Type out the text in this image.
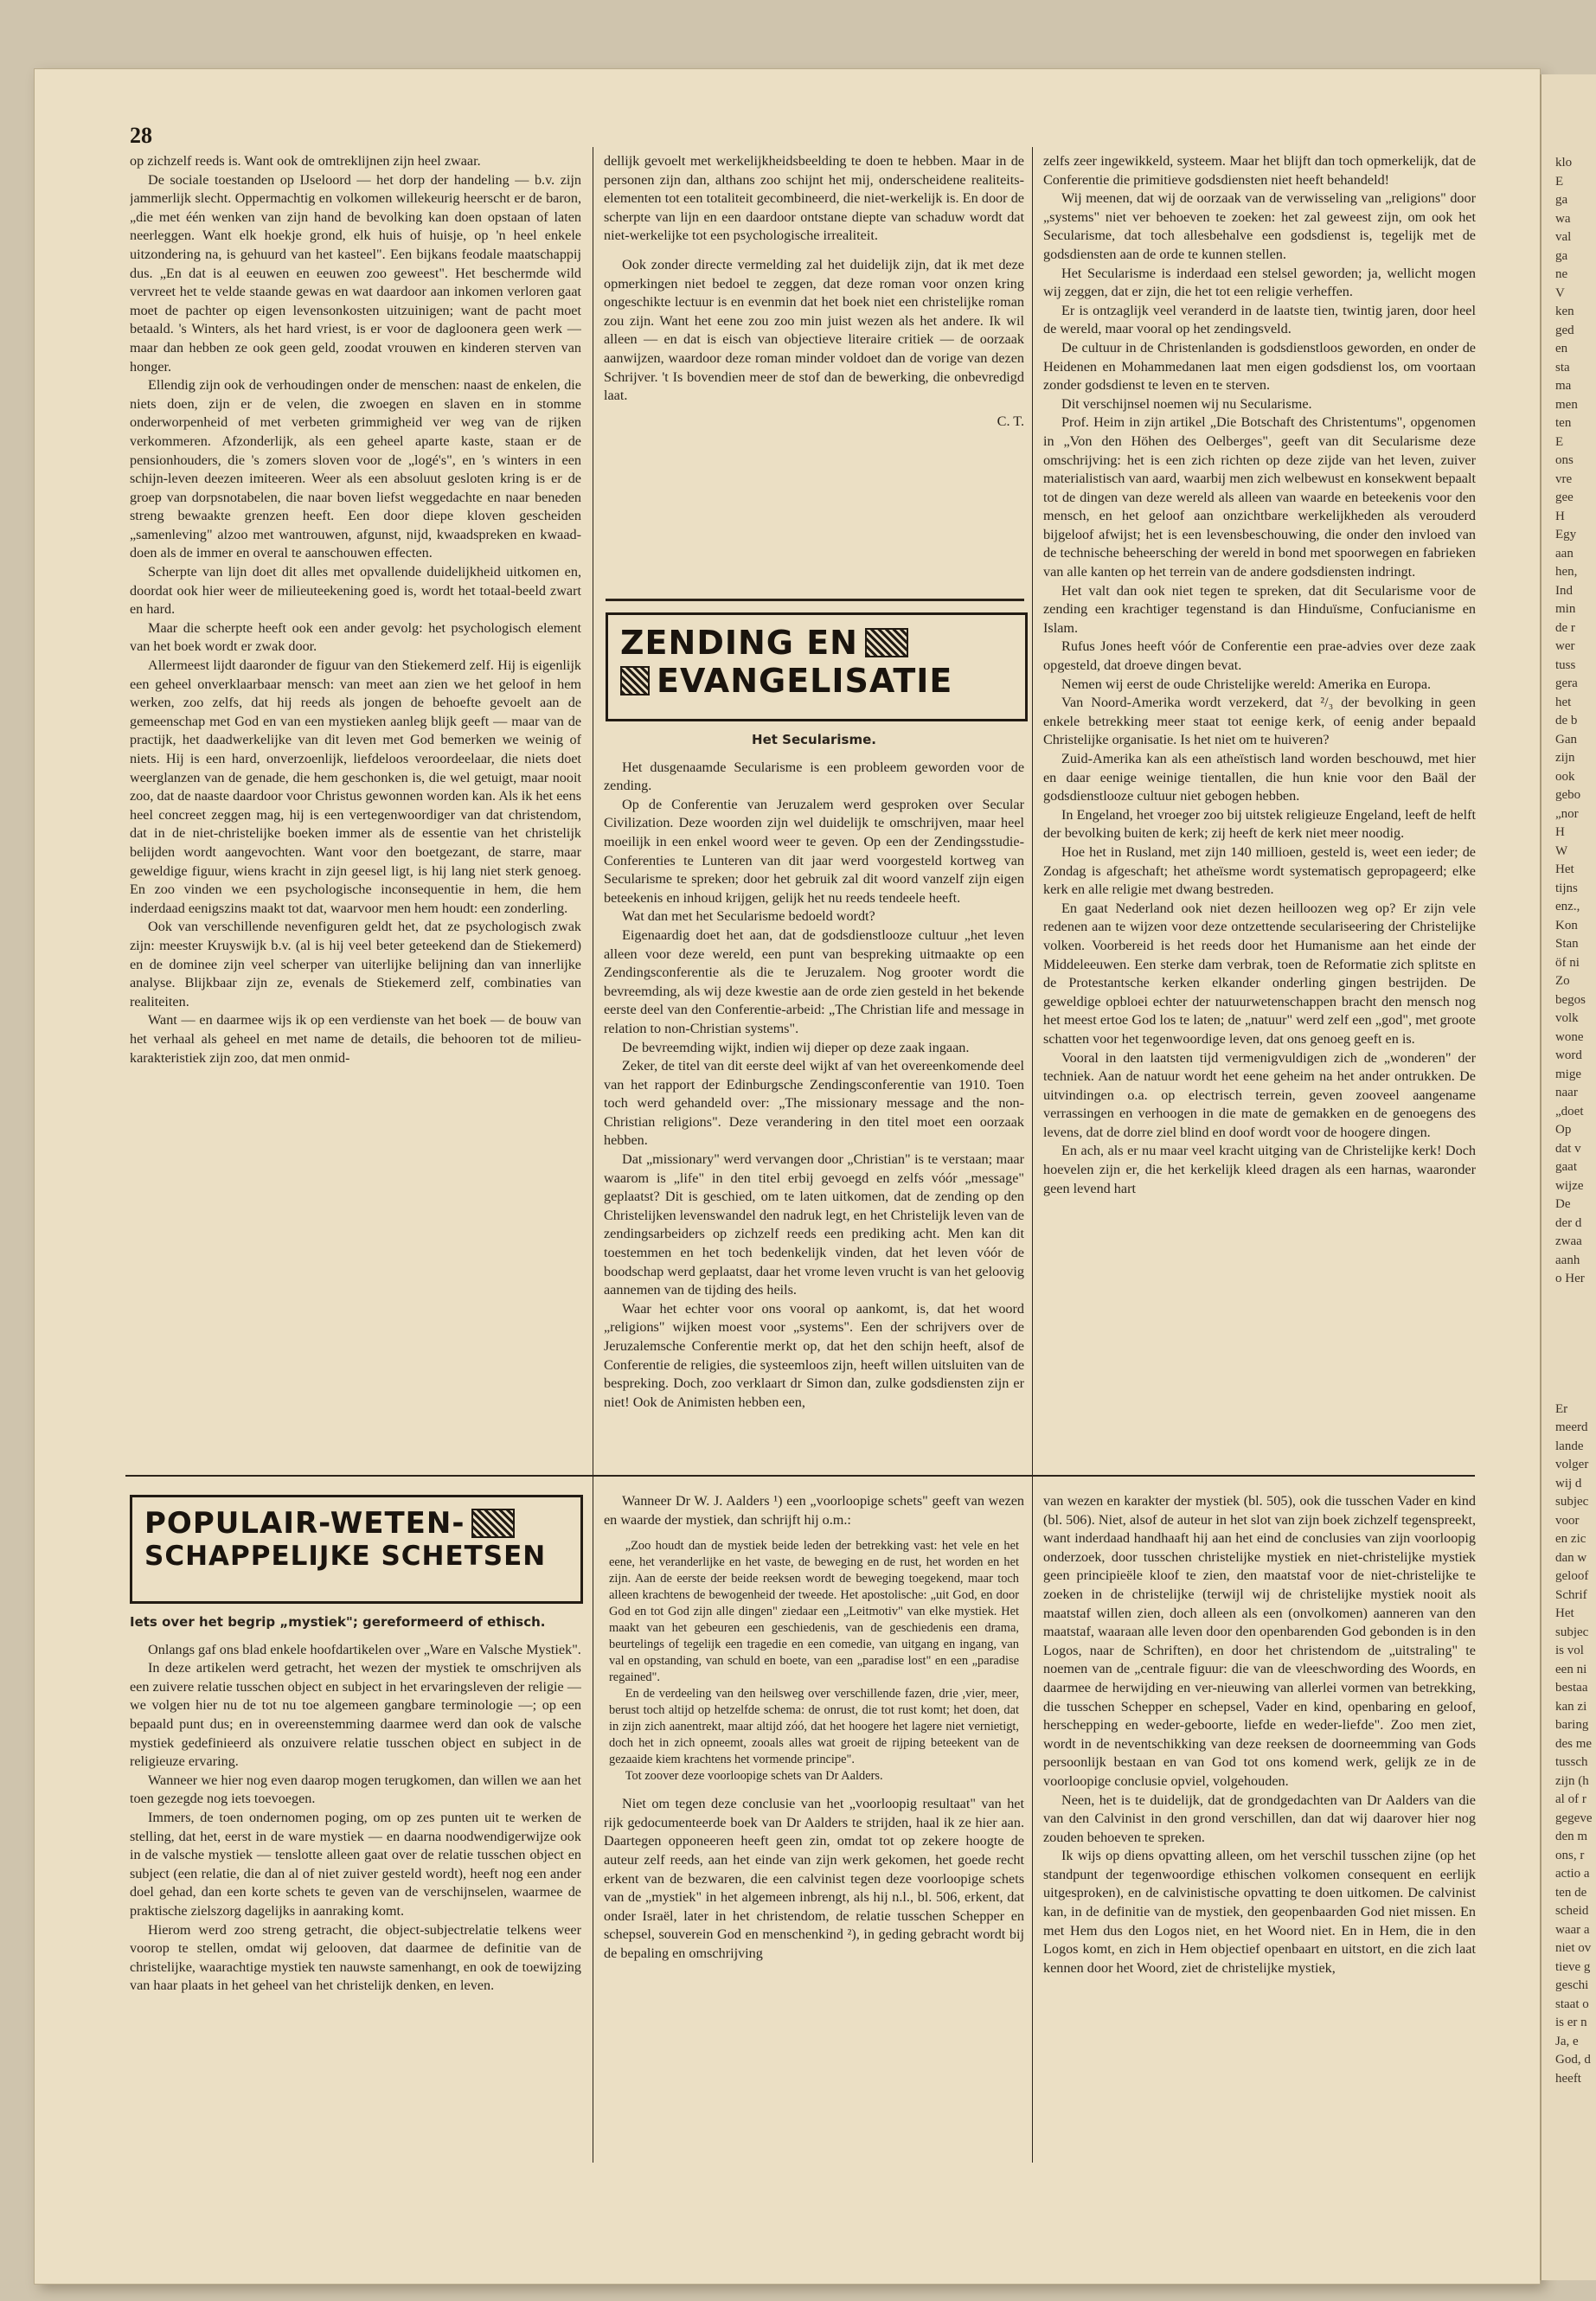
28

op zichzelf reeds is. Want ook de omtreklijnen zijn heel zwaar.

De sociale toestanden op IJseloord — het dorp der handeling — b.v. zijn jammerlijk slecht. Oppermachtig en volkomen willekeurig heerscht er de baron, „die met één wenken van zijn hand de bevolking kan doen opstaan of laten neerleggen. Want elk hoekje grond, elk huis of huisje, op 'n heel enkele uitzondering na, is gehuurd van het kasteel". Een bijkans feodale maatschappij dus. „En dat is al eeuwen en eeuwen zoo geweest". Het beschermde wild vervreet het te velde staande gewas en wat daardoor aan inkomen verloren gaat moet de pachter op eigen levensonkosten uitzuinigen; want de pacht moet betaald. 's Winters, als het hard vriest, is er voor de dagloonera geen werk — maar dan hebben ze ook geen geld, zoodat vrouwen en kinderen sterven van honger.

Ellendig zijn ook de verhoudingen onder de menschen: naast de enkelen, die niets doen, zijn er de velen, die zwoegen en slaven en in stomme onderworpenheid of met verbeten grimmigheid ver weg van de rijken verkommeren. Afzonderlijk, als een geheel aparte kaste, staan er de pensionhouders, die 's zomers sloven voor de „logé's", en 's winters in een schijn-leven deezen imiteeren. Weer als een absoluut gesloten kring is er de groep van dorpsnotabelen, die naar boven liefst weggedachte en naar beneden streng bewaakte grenzen heeft. Een door diepe kloven gescheiden „samenleving" alzoo met wantrouwen, afgunst, nijd, kwaadspreken en kwaad-doen als de immer en overal te aanschouwen effecten.

Scherpte van lijn doet dit alles met opvallende duidelijkheid uitkomen en, doordat ook hier weer de milieuteekening goed is, wordt het totaal-beeld zwart en hard.

Maar die scherpte heeft ook een ander gevolg: het psychologisch element van het boek wordt er zwak door.

Allermeest lijdt daaronder de figuur van den Stiekemerd zelf. Hij is eigenlijk een geheel onverklaarbaar mensch: van meet aan zien we het geloof in hem werken, zoo zelfs, dat hij reeds als jongen de behoefte gevoelt aan de gemeenschap met God en van een mystieken aanleg blijk geeft — maar van de practijk, het daadwerkelijke van dit leven met God bemerken we weinig of niets. Hij is een hard, onverzoenlijk, liefdeloos veroordeelaar, die niets doet weerglanzen van de genade, die hem geschonken is, die wel getuigt, maar nooit zoo, dat de naaste daardoor voor Christus gewonnen worden kan. Als ik het eens heel concreet zeggen mag, hij is een vertegenwoordiger van dat christendom, dat in de niet-christelijke boeken immer als de essentie van het christelijk belijden wordt aangevochten. Want voor den boetgezant, de starre, maar geweldige figuur, wiens kracht in zijn geesel ligt, is hij lang niet sterk genoeg. En zoo vinden we een psychologische inconsequentie in hem, die hem inderdaad eenigszins maakt tot dat, waarvoor men hem houdt: een zonderling.

Ook van verschillende nevenfiguren geldt het, dat ze psychologisch zwak zijn: meester Kruyswijk b.v. (al is hij veel beter geteekend dan de Stiekemerd) en de dominee zijn veel scherper van uiterlijke belijning dan van innerlijke analyse. Blijkbaar zijn ze, evenals de Stiekemerd zelf, combinaties van realiteiten.

Want — en daarmee wijs ik op een verdienste van het boek — de bouw van het verhaal als geheel en met name de details, die behooren tot de milieu-karakteristiek zijn zoo, dat men onmid-

dellijk gevoelt met werkelijkheidsbeelding te doen te hebben. Maar in de personen zijn dan, althans zoo schijnt het mij, onderscheidene realiteits-elementen tot een totaliteit gecombineerd, die niet-werkelijk is. En door de scherpte van lijn en een daardoor ontstane diepte van schaduw wordt dat niet-werkelijke tot een psychologische irrealiteit.

Ook zonder directe vermelding zal het duidelijk zijn, dat ik met deze opmerkingen niet bedoel te zeggen, dat deze roman voor onzen kring ongeschikte lectuur is en evenmin dat het boek niet een christelijke roman zou zijn. Want het eene zou zoo min juist wezen als het andere. Ik wil alleen — en dat is eisch van objectieve literaire critiek — de oorzaak aanwijzen, waardoor deze roman minder voldoet dan de vorige van dezen Schrijver. 't Is bovendien meer de stof dan de bewerking, die onbevredigd laat.

C. T.

ZENDING EN
EVANGELISATIE
Het Secularisme.

Het dusgenaamde Secularisme is een probleem geworden voor de zending.

Op de Conferentie van Jeruzalem werd gesproken over Secular Civilization. Deze woorden zijn wel duidelijk te omschrijven, maar heel moeilijk in een enkel woord weer te geven. Op een der Zendingsstudie-Conferenties te Lunteren van dit jaar werd voorgesteld kortweg van Secularisme te spreken; door het gebruik zal dit woord vanzelf zijn eigen beteekenis en inhoud krijgen, gelijk het nu reeds tendeele heeft.

Wat dan met het Secularisme bedoeld wordt?

Eigenaardig doet het aan, dat de godsdienstlooze cultuur „het leven alleen voor deze wereld, een punt van bespreking uitmaakte op een Zendingsconferentie als die te Jeruzalem. Nog grooter wordt die bevreemding, als wij deze kwestie aan de orde zien gesteld in het bekende eerste deel van den Conferentie-arbeid: „The Christian life and message in relation to non-Christian systems".

De bevreemding wijkt, indien wij dieper op deze zaak ingaan.

Zeker, de titel van dit eerste deel wijkt af van het overeenkomende deel van het rapport der Edinburgsche Zendingsconferentie van 1910. Toen toch werd gehandeld over: „The missionary message and the non-Christian religions". Deze verandering in den titel moet een oorzaak hebben.

Dat „missionary" werd vervangen door „Christian" is te verstaan; maar waarom is „life" in den titel erbij gevoegd en zelfs vóór „message" geplaatst? Dit is geschied, om te laten uitkomen, dat de zending op den Christelijken levenswandel den nadruk legt, en het Christelijk leven van de zendingsarbeiders op zichzelf reeds een prediking acht. Men kan dit toestemmen en het toch bedenkelijk vinden, dat het leven vóór de boodschap werd geplaatst, daar het vrome leven vrucht is van het geloovig aannemen van de tijding des heils.

Waar het echter voor ons vooral op aankomt, is, dat het woord „religions" wijken moest voor „systems". Een der schrijvers over de Jeruzalemsche Conferentie merkt op, dat het den schijn heeft, alsof de Conferentie de religies, die systeemloos zijn, heeft willen uitsluiten van de bespreking. Doch, zoo verklaart dr Simon dan, zulke godsdiensten zijn er niet! Ook de Animisten hebben een,

zelfs zeer ingewikkeld, systeem. Maar het blijft dan toch opmerkelijk, dat de Conferentie die primitieve godsdiensten niet heeft behandeld!

Wij meenen, dat wij de oorzaak van de verwisseling van „religions" door „systems" niet ver behoeven te zoeken: het zal geweest zijn, om ook het Secularisme, dat toch allesbehalve een godsdienst is, tegelijk met de godsdiensten aan de orde te kunnen stellen.

Het Secularisme is inderdaad een stelsel geworden; ja, wellicht mogen wij zeggen, dat er zijn, die het tot een religie verheffen.

Er is ontzaglijk veel veranderd in de laatste tien, twintig jaren, door heel de wereld, maar vooral op het zendingsveld.

De cultuur in de Christenlanden is godsdienstloos geworden, en onder de Heidenen en Mohammedanen laat men eigen godsdienst los, om voortaan zonder godsdienst te leven en te sterven.

Dit verschijnsel noemen wij nu Secularisme.

Prof. Heim in zijn artikel „Die Botschaft des Christentums", opgenomen in „Von den Höhen des Oelberges", geeft van dit Secularisme deze omschrijving: het is een zich richten op deze zijde van het leven, zuiver materialistisch van aard, waarbij men zich welbewust en konsekwent bepaalt tot de dingen van deze wereld als alleen van waarde en beteekenis voor den mensch, en het geloof aan onzichtbare werkelijkheden als verouderd bijgeloof afwijst; het is een levensbeschouwing, die onder den invloed van de technische beheersching der wereld in bond met spoorwegen en fabrieken van alle kanten op het terrein van de andere godsdiensten indringt.

Het valt dan ook niet tegen te spreken, dat dit Secularisme voor de zending een krachtiger tegenstand is dan Hinduïsme, Confucianisme en Islam.

Rufus Jones heeft vóór de Conferentie een prae-advies over deze zaak opgesteld, dat droeve dingen bevat.

Nemen wij eerst de oude Christelijke wereld: Amerika en Europa.

Van Noord-Amerika wordt verzekerd, dat ²/₃ der bevolking in geen enkele betrekking meer staat tot eenige kerk, of eenig ander bepaald Christelijke organisatie. Is het niet om te huiveren?

Zuid-Amerika kan als een atheïstisch land worden beschouwd, met hier en daar eenige weinige tientallen, die hun knie voor den Baäl der godsdienstlooze cultuur niet gebogen hebben.

In Engeland, het vroeger zoo bij uitstek religieuze Engeland, leeft de helft der bevolking buiten de kerk; zij heeft de kerk niet meer noodig.

Hoe het in Rusland, met zijn 140 millioen, gesteld is, weet een ieder; de Zondag is afgeschaft; het atheïsme wordt systematisch gepropageerd; elke kerk en alle religie met dwang bestreden.

En gaat Nederland ook niet dezen heilloozen weg op? Er zijn vele redenen aan te wijzen voor deze ontzettende seculariseering der Christelijke volken. Voorbereid is het reeds door het Humanisme aan het einde der Middeleeuwen. Een sterke dam verbrak, toen de Reformatie zich splitste en de Protestantsche kerken elkander onderling gingen bestrijden. De geweldige opbloei echter der natuurwetenschappen bracht den mensch nog het meest ertoe God los te laten; de „natuur" werd zelf een „god", met groote schatten voor het tegenwoordige leven, dat ons genoeg geeft en is.

Vooral in den laatsten tijd vermenigvuldigen zich de „wonderen" der techniek. Aan de natuur wordt het eene geheim na het ander ontrukken. De uitvindingen o.a. op electrisch terrein, geven zooveel aangename verrassingen en verhoogen in die mate de gemakken en de genoegens des levens, dat de dorre ziel blind en doof wordt voor de hoogere dingen.

En ach, als er nu maar veel kracht uitging van de Christelijke kerk! Doch hoevelen zijn er, die het kerkelijk kleed dragen als een harnas, waaronder geen levend hart

POPULAIR-WETEN-
SCHAPPELIJKE SCHETSEN
Iets over het begrip „mystiek"; gereformeerd of ethisch.

Onlangs gaf ons blad enkele hoofdartikelen over „Ware en Valsche Mystiek".

In deze artikelen werd getracht, het wezen der mystiek te omschrijven als een zuivere relatie tusschen object en subject in het ervaringsleven der religie — we volgen hier nu de tot nu toe algemeen gangbare terminologie —; op een bepaald punt dus; en in overeenstemming daarmee werd dan ook de valsche mystiek gedefinieerd als onzuivere relatie tusschen object en subject in de religieuze ervaring.

Wanneer we hier nog even daarop mogen terugkomen, dan willen we aan het toen gezegde nog iets toevoegen.

Immers, de toen ondernomen poging, om op zes punten uit te werken de stelling, dat het, eerst in de ware mystiek — en daarna noodwendigerwijze ook in de valsche mystiek — tenslotte alleen gaat over de relatie tusschen object en subject (een relatie, die dan al of niet zuiver gesteld wordt), heeft nog een ander doel gehad, dan een korte schets te geven van de verschijnselen, waarmee de praktische zielszorg dagelijks in aanraking komt.

Hierom werd zoo streng getracht, die object-subjectrelatie telkens weer voorop te stellen, omdat wij gelooven, dat daarmee de definitie van de christelijke, waarachtige mystiek ten nauwste samenhangt, en ook de toewijzing van haar plaats in het geheel van het christelijk denken, en leven.

Wanneer Dr W. J. Aalders ¹) een „voorloopige schets" geeft van wezen en waarde der mystiek, dan schrijft hij o.m.:

„Zoo houdt dan de mystiek beide leden der betrekking vast: het vele en het eene, het veranderlijke en het vaste, de beweging en de rust, het worden en het zijn. Aan de eerste der beide reeksen wordt de beweging toegekend, maar toch alleen krachtens de bewogenheid der tweede. Het apostolische: „uit God, en door God en tot God zijn alle dingen" ziedaar een „Leitmotiv" van elke mystiek. Het maakt van het gebeuren een geschiedenis, van de geschiedenis een drama, beurtelings of tegelijk een tragedie en een comedie, van uitgang en ingang, van val en opstanding, van schuld en boete, van een „paradise lost" en een „paradise regained".

En de verdeeling van den heilsweg over verschillende fazen, drie ,vier, meer, berust toch altijd op hetzelfde schema: de onrust, die tot rust komt; het doen, dat in zijn zich aanentrekt, maar altijd zóó, dat het hoogere het lagere niet vernietigt, doch het in zich opneemt, zooals alles wat groeit de rijping beteekent van de gezaaide kiem krachtens het vormende principe".

Tot zoover deze voorloopige schets van Dr Aalders.

Niet om tegen deze conclusie van het „voorloopig resultaat" van het rijk gedocumenteerde boek van Dr Aalders te strijden, haal ik ze hier aan. Daartegen opponeeren heeft geen zin, omdat tot op zekere hoogte de auteur zelf reeds, aan het einde van zijn werk gekomen, het goede recht erkent van de bezwaren, die een calvinist tegen deze voorloopige schets van de „mystiek" in het algemeen inbrengt, als hij n.l., bl. 506, erkent, dat onder Israël, later in het christendom, de relatie tusschen Schepper en schepsel, souverein God en menschenkind ²), in geding gebracht wordt bij de bepaling en omschrijving

van wezen en karakter der mystiek (bl. 505), ook die tusschen Vader en kind (bl. 506). Niet, alsof de auteur in het slot van zijn boek zichzelf tegenspreekt, want inderdaad handhaaft hij aan het eind de conclusies van zijn voorloopig onderzoek, door tusschen christelijke mystiek en niet-christelijke mystiek geen principieële kloof te zien, den maatstaf voor de niet-christelijke te zoeken in de christelijke (terwijl wij de christelijke mystiek nooit als maatstaf willen zien, doch alleen als een (onvolkomen) aanneren van den maatstaf, waaraan alle leven door den openbarenden God gebonden is in den Logos, naar de Schriften), en door het christendom de „uitstraling" te noemen van de „centrale figuur: die van de vleeschwording des Woords, en daarmee de herwijding en ver-nieuwing van allerlei vormen van betrekking, die tusschen Schepper en schepsel, Vader en kind, openbaring en geloof, herschepping en weder-geboorte, liefde en weder-liefde". Zoo men ziet, wordt in de neventschikking van deze reeksen de doorneemming van Gods persoonlijk bestaan en van God tot ons komend werk, gelijk ze in de voorloopige conclusie opviel, volgehouden.

Neen, het is te duidelijk, dat de grondgedachten van Dr Aalders van die van den Calvinist in den grond verschillen, dan dat wij daarover hier nog zouden behoeven te spreken.

Ik wijs op diens opvatting alleen, om het verschil tusschen zijne (op het standpunt der tegenwoordige ethischen volkomen consequent en eerlijk uitgesproken), en de calvinistische opvatting te doen uitkomen. De calvinist kan, in de definitie van de mystiek, den geopenbaarden God niet missen. En met Hem dus den Logos niet, en het Woord niet. En in Hem, die in den Logos komt, en zich in Hem objectief openbaart en uitstort, en die zich laat kennen door het Woord, ziet de christelijke mystiek,

klo
E
ga
wa
val
ga
ne
V
ken
ged
en
sta
ma
men
ten
E
ons
vre
gee
H
Egy
aan
hen,
Ind
min
de r
wer
tuss
gera
het
de b
Gan
zijn
ook
gebo
„nor
H
W
Het
tijns
enz.,
Kon
Stan
öf ni
Zo
begos
volk
wone
word
mige
naar
„doet
Op
dat v
gaat
wijze
De
der d
zwaa
aanh
o Her

Er
meerd
lande
volger
wij d
subjec
voor
en zic
dan w
geloof
Schrif
Het
subjec
is vol
een ni
bestaa
kan zi
baring
des me
tussch
zijn (h
al of r
gegeve
den m
ons, r
actio a
ten de
scheid
waar a
niet ov
tieve g
geschi
staat o
is er n
Ja, e
God, d
heeft
